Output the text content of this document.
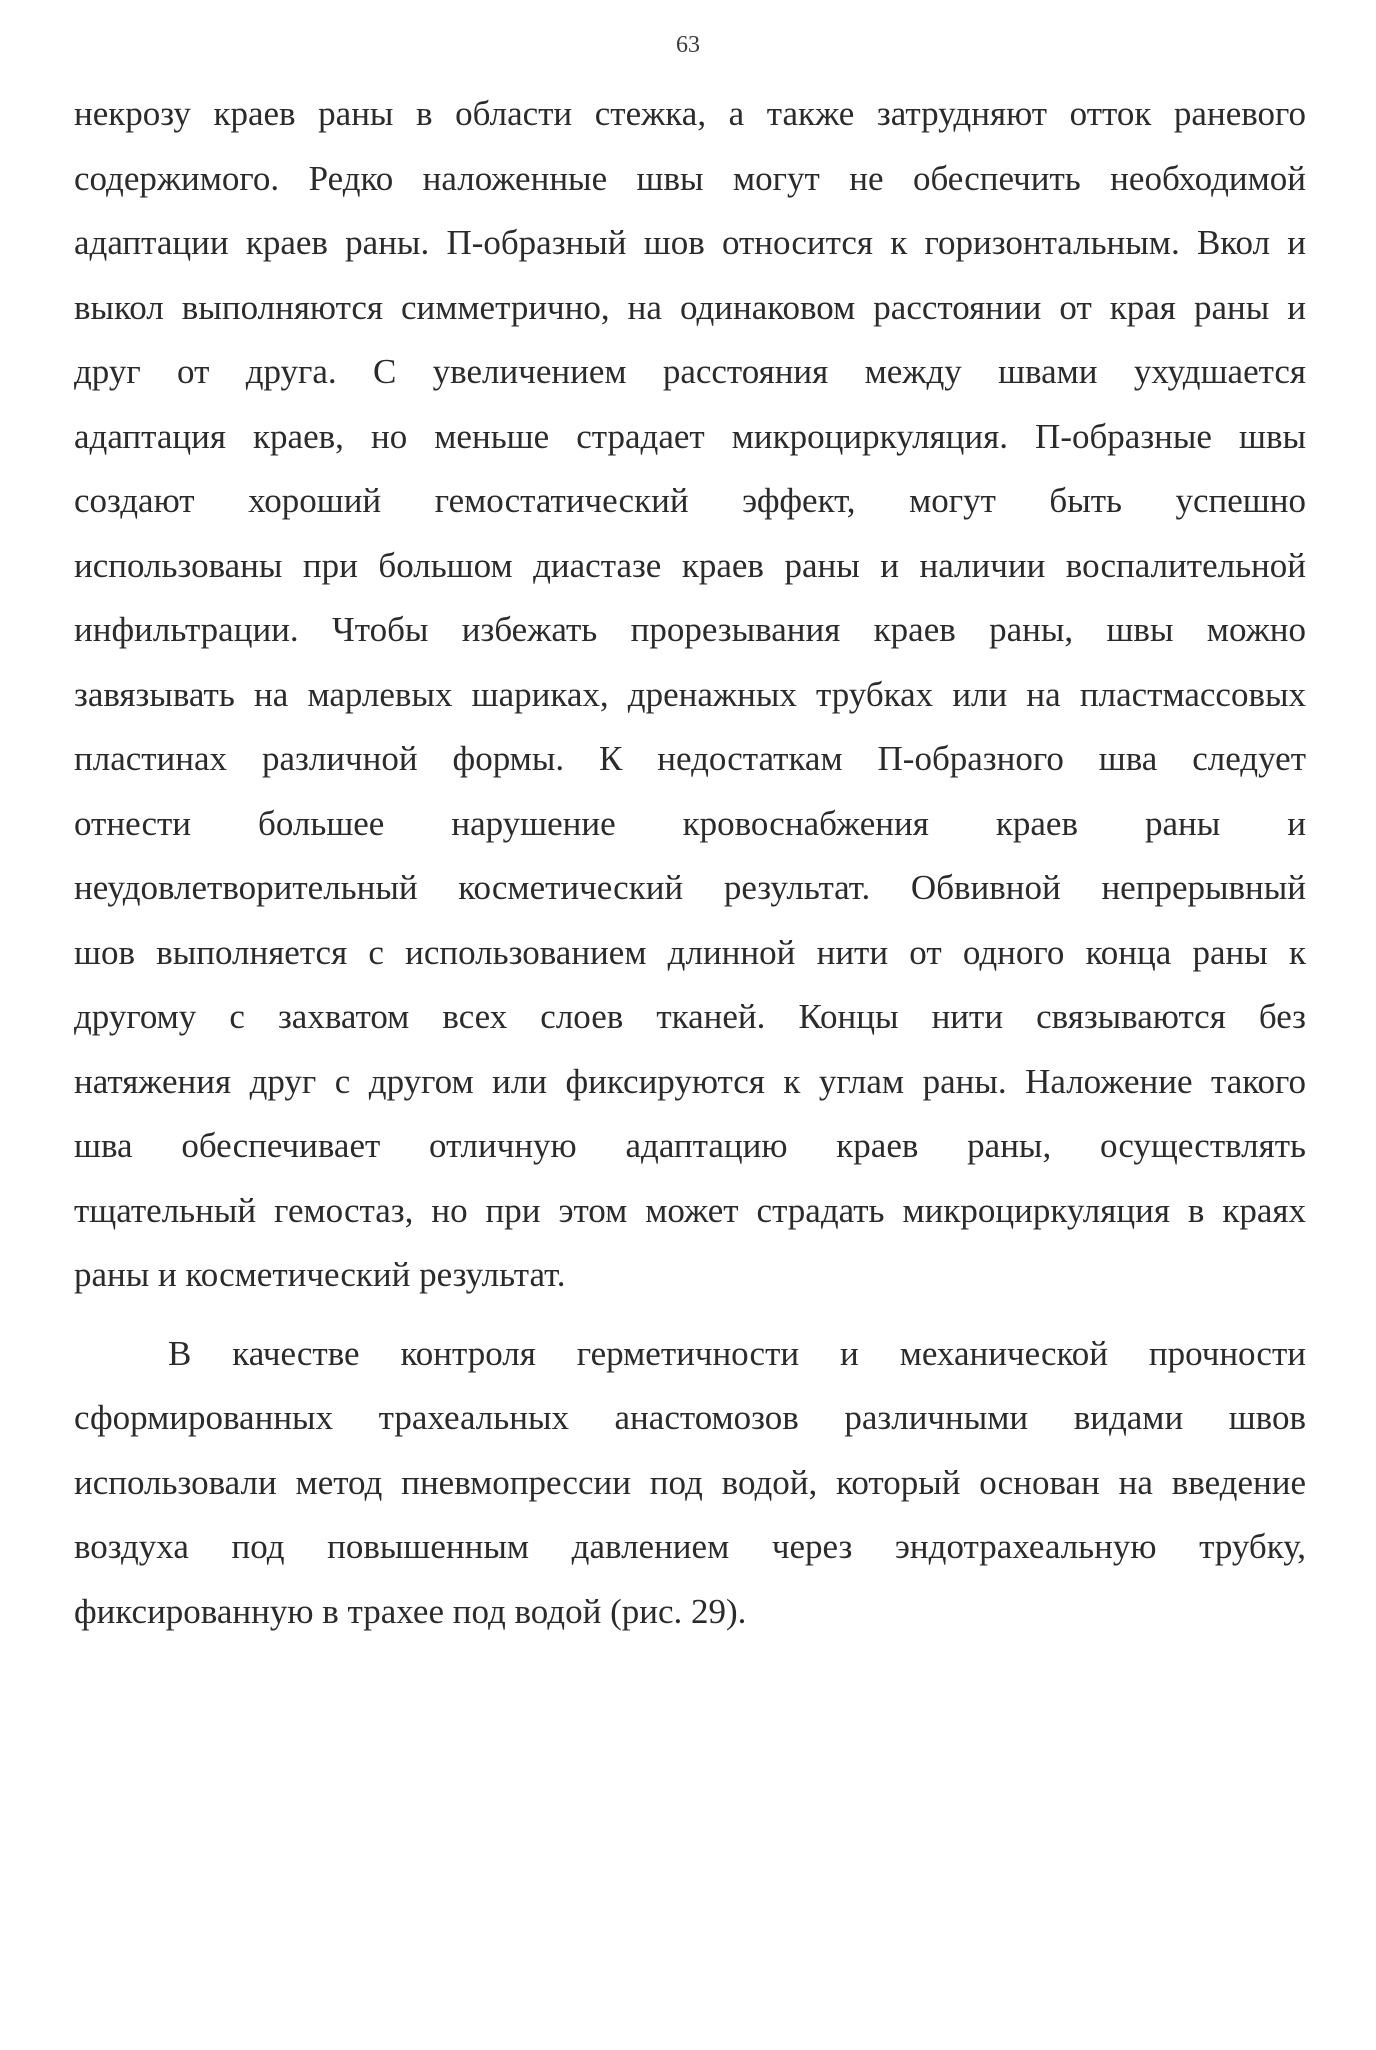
63
некрозу краев раны в области стежка, а также затрудняют отток раневого
содержимого. Редко наложенные швы могут не обеспечить необходимой
адаптации краев раны. П-образный шов относится к горизонтальным. Вкол и
выкол выполняются симметрично, на одинаковом расстоянии от края раны и
друг от друга. С увеличением расстояния между швами ухудшается
адаптация краев, но меньше страдает микроциркуляция. П-образные швы
создают хороший гемостатический эффект, могут быть успешно
использованы при большом диастазе краев раны и наличии воспалительной
инфильтрации. Чтобы избежать прорезывания краев раны, швы можно
завязывать на марлевых шариках, дренажных трубках или на пластмассовых
пластинах различной формы. К недостаткам П-образного шва следует
отнести большее нарушение кровоснабжения краев раны и
неудовлетворительный косметический результат. Обвивной непрерывный
шов выполняется с использованием длинной нити от одного конца раны к
другому с захватом всех слоев тканей. Концы нити связываются без
натяжения друг с другом или фиксируются к углам раны. Наложение такого
шва обеспечивает отличную адаптацию краев раны, осуществлять
тщательный гемостаз, но при этом может страдать микроциркуляция в краях
раны и косметический результат.
В качестве контроля герметичности и механической прочности
сформированных трахеальных анастомозов различными видами швов
использовали метод пневмопрессии под водой, который основан на введение
воздуха под повышенным давлением через эндотрахеальную трубку,
фиксированную в трахее под водой (рис. 29).
